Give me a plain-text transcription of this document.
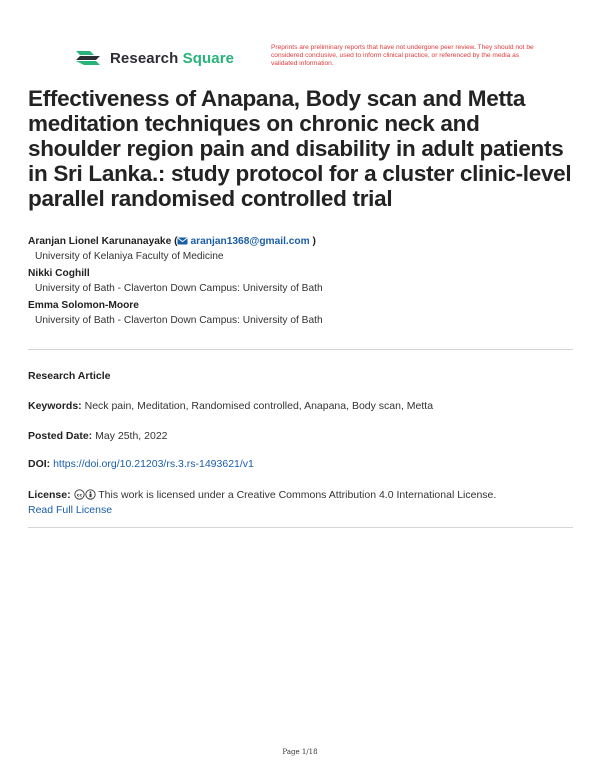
Research Square
Preprints are preliminary reports that have not undergone peer review. They should not be considered conclusive, used to inform clinical practice, or referenced by the media as validated information.
Effectiveness of Anapana, Body scan and Metta meditation techniques on chronic neck and shoulder region pain and disability in adult patients in Sri Lanka.: study protocol for a cluster clinic-level parallel randomised controlled trial
Aranjan Lionel Karunanayake ( aranjan1368@gmail.com )
University of Kelaniya Faculty of Medicine
Nikki Coghill
University of Bath - Claverton Down Campus: University of Bath
Emma Solomon-Moore
University of Bath - Claverton Down Campus: University of Bath
Research Article
Keywords: Neck pain, Meditation, Randomised controlled, Anapana, Body scan, Metta
Posted Date: May 25th, 2022
DOI: https://doi.org/10.21203/rs.3.rs-1493621/v1
License: cc This work is licensed under a Creative Commons Attribution 4.0 International License.
Read Full License
Page 1/18
